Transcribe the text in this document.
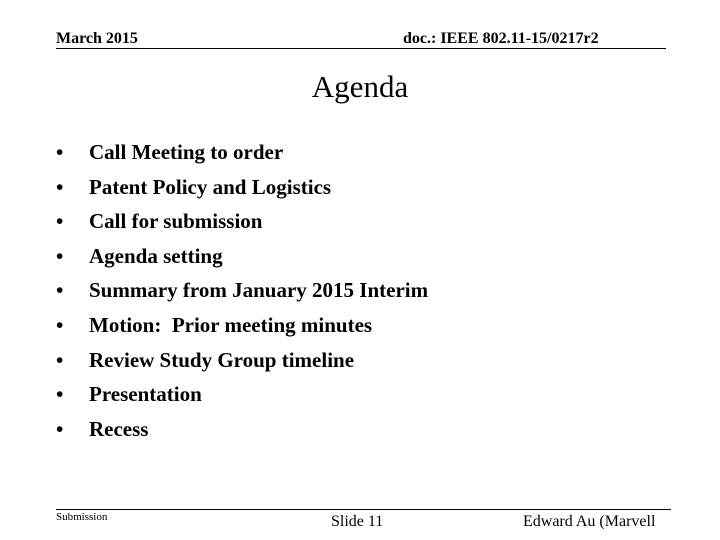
March 2015	doc.: IEEE 802.11-15/0217r2
Agenda
•	Call Meeting to order
•	Patent Policy and Logistics
•	Call for submission
•	Agenda setting
•	Summary from January 2015 Interim
•	Motion:  Prior meeting minutes
•	Review Study Group timeline
•	Presentation
•	Recess
Submission	Slide 11	Edward Au (Marvell
